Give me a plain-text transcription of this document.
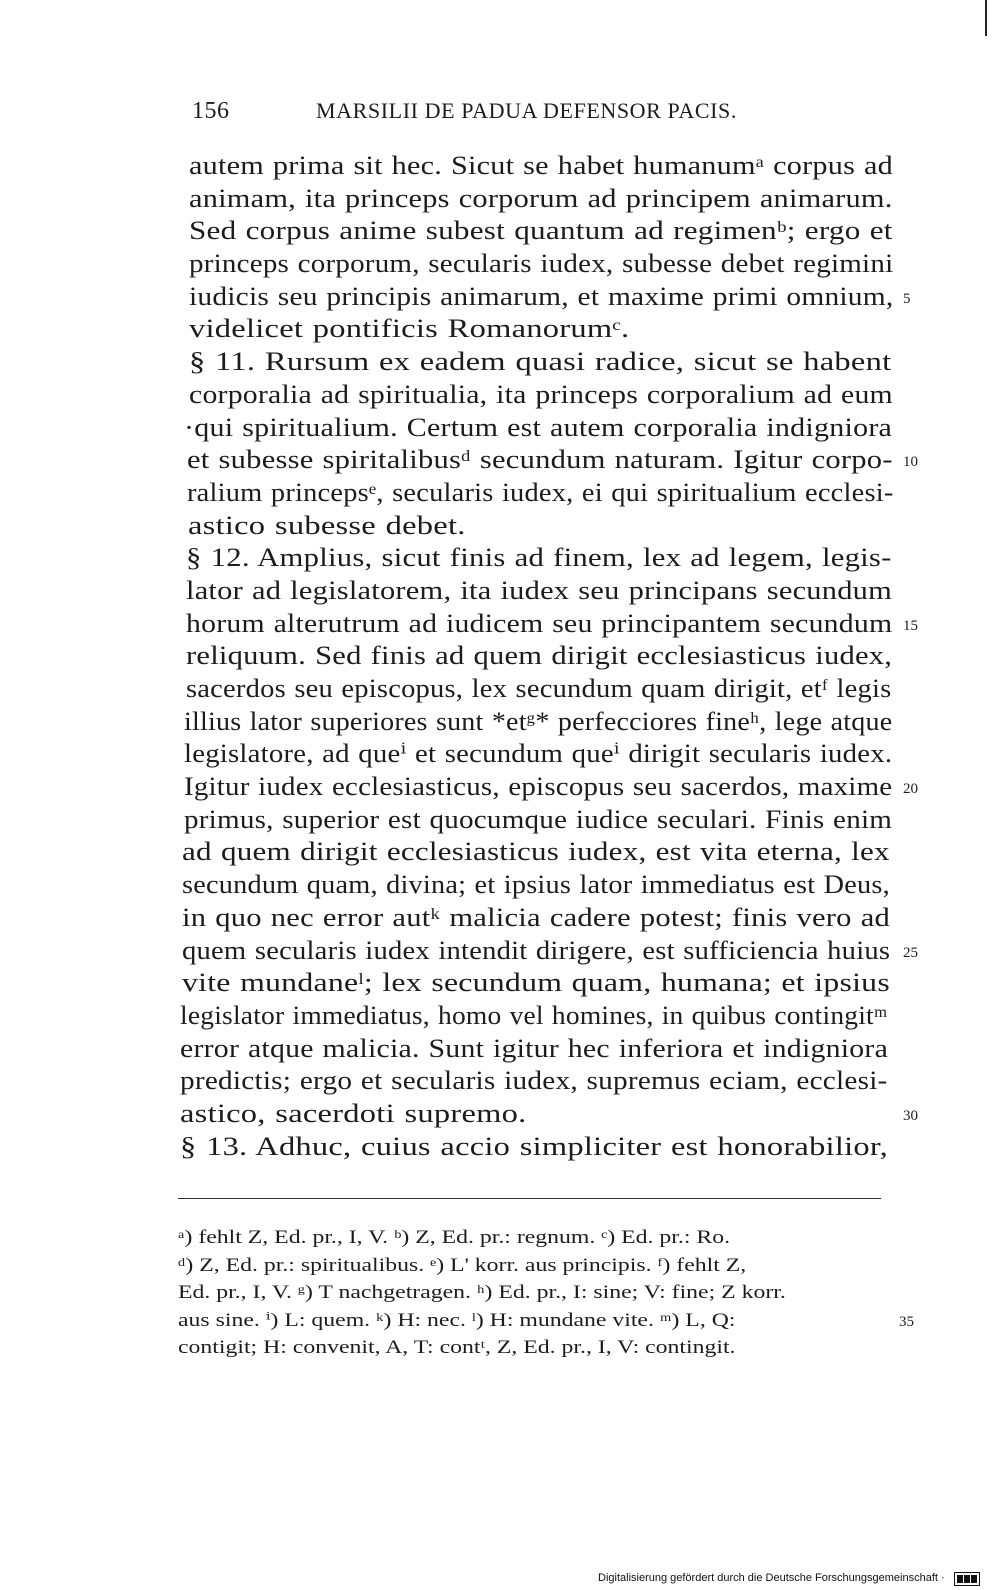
156	MARSILII DE PADUA DEFENSOR PACIS.
autem prima sit hec. Sicut se habet humanumᵃ corpus ad
animam, ita princeps corporum ad principem animarum.
Sed corpus anime subest quantum ad regimenᵇ; ergo et
princeps corporum, secularis iudex, subesse debet regimini
iudicis seu principis animarum, et maxime primi omnium, 5
videlicet pontificis Romanorumᶜ.
§ 11. Rursum ex eadem quasi radice, sicut se habent
corporalia ad spiritualia, ita princeps corporalium ad eum
·qui spiritualium. Certum est autem corporalia indigniora
et subesse spiritalibusᵈ secundum naturam. Igitur corpo- 10
ralium princepsᵉ, secularis iudex, ei qui spiritualium ecclesi-
astico subesse debet.
§ 12. Amplius, sicut finis ad finem, lex ad legem, legis-
lator ad legislatorem, ita iudex seu principans secundum
horum alterutrum ad iudicem seu principantem secundum 15
reliquum. Sed finis ad quem dirigit ecclesiasticus iudex,
sacerdos seu episcopus, lex secundum quam dirigit, etᶠ legis
illius lator superiores sunt *etᵍ* perfecciores fineʰ, lege atque
legislatore, ad queⁱ et secundum queⁱ dirigit secularis iudex.
Igitur iudex ecclesiasticus, episcopus seu sacerdos, maxime 20
primus, superior est quocumque iudice seculari. Finis enim
ad quem dirigit ecclesiasticus iudex, est vita eterna, lex
secundum quam, divina; et ipsius lator immediatus est Deus,
in quo nec error autᵏ malicia cadere potest; finis vero ad
quem secularis iudex intendit dirigere, est sufficiencia huius 25
vite mundaneˡ; lex secundum quam, humana; et ipsius
legislator immediatus, homo vel homines, in quibus contingitᵐ
error atque malicia. Sunt igitur hec inferiora et indigniora
predictis; ergo et secularis iudex, supremus eciam, ecclesi-
astico, sacerdoti supremo.	30
§ 13. Adhuc, cuius accio simpliciter est honorabilior,
ᵃ) fehlt Z, Ed. pr., I, V. ᵇ) Z, Ed. pr.: regnum. ᶜ) Ed. pr.: Ro.
ᵈ) Z, Ed. pr.: spiritualibus. ᵉ) L' korr. aus principis. ᶠ) fehlt Z,
Ed. pr., I, V. ᵍ) T nachgetragen. ʰ) Ed. pr., I: sine; V: fine; Z korr.
aus sine. ⁱ) L: quem. ᵏ) H: nec. ˡ) H: mundane vite. ᵐ) L, Q:	35
contigit; H: convenit, A, T: contᵗ, Z, Ed. pr., I, V: contingit.
Digitalisierung gefördert durch die Deutsche Forschungsgemeinschaft ·
